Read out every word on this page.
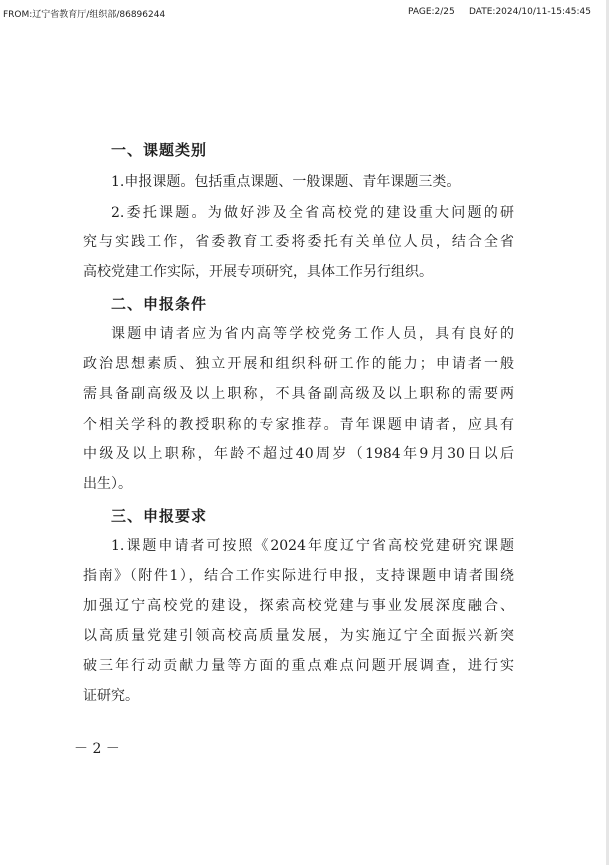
FROM:辽宁省教育厅/组织部/86896244	PAGE:2/25 DATE:2024/10/11-15:45:45
一、课题类别
1.申报课题。包括重点课题、一般课题、青年课题三类。
2.委托课题。为做好涉及全省高校党的建设重大问题的研
究与实践工作，省委教育工委将委托有关单位人员，结合全省
高校党建工作实际，开展专项研究，具体工作另行组织。
二、申报条件
课题申请者应为省内高等学校党务工作人员，具有良好的
政治思想素质、独立开展和组织科研工作的能力；申请者一般
需具备副高级及以上职称，不具备副高级及以上职称的需要两
个相关学科的教授职称的专家推荐。青年课题申请者，应具有
中级及以上职称，年龄不超过40周岁（1984年9月30日以后
出生）。
三、申报要求
1.课题申请者可按照《2024年度辽宁省高校党建研究课题
指南》（附件1），结合工作实际进行申报，支持课题申请者围绕
加强辽宁高校党的建设，探索高校党建与事业发展深度融合、
以高质量党建引领高校高质量发展，为实施辽宁全面振兴新突
破三年行动贡献力量等方面的重点难点问题开展调查，进行实
证研究。
－ 2 －
